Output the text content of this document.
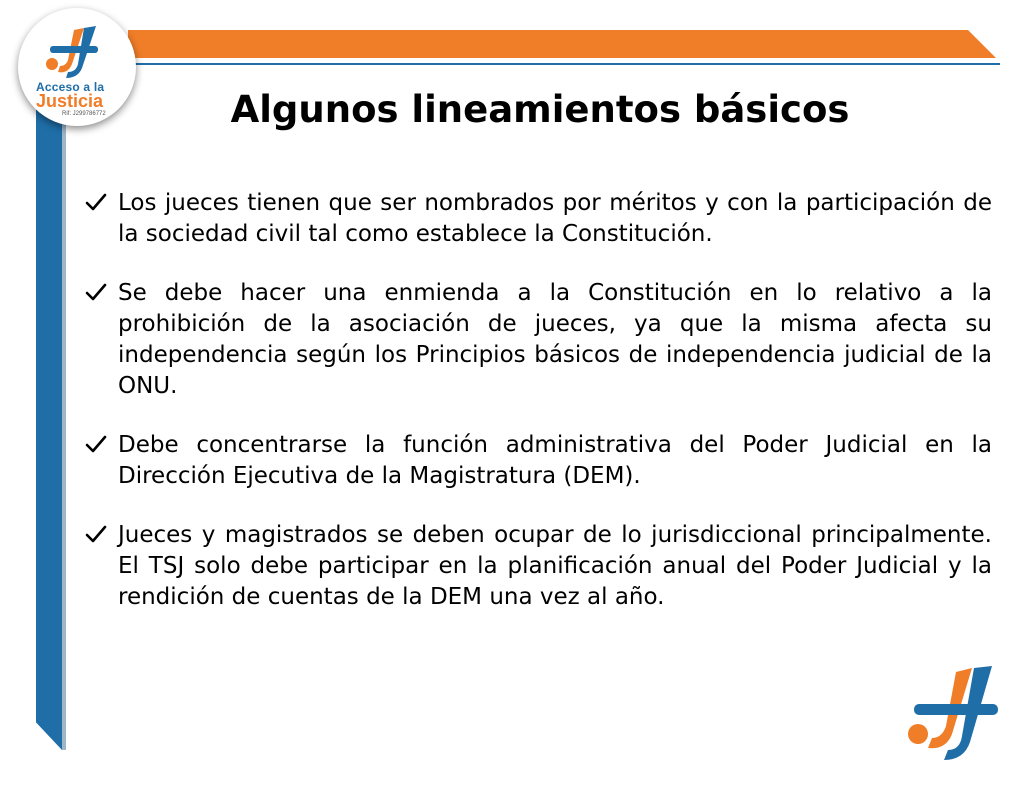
Acceso a la
Justicia
Rif: J299786772	Algunos lineamientos básicos
Los jueces tienen que ser nombrados por méritos y con la participación de la sociedad civil tal como establece la Constitución.
Se debe hacer una enmienda a la Constitución en lo relativo a la prohibición de la asociación de jueces, ya que la misma afecta su independencia según los Principios básicos de independencia judicial de la ONU.
Debe concentrarse la función administrativa del Poder Judicial en la Dirección Ejecutiva de la Magistratura (DEM).
Jueces y magistrados se deben ocupar de lo jurisdiccional principalmente. El TSJ solo debe participar en la planificación anual del Poder Judicial y la rendición de cuentas de la DEM una vez al año.
